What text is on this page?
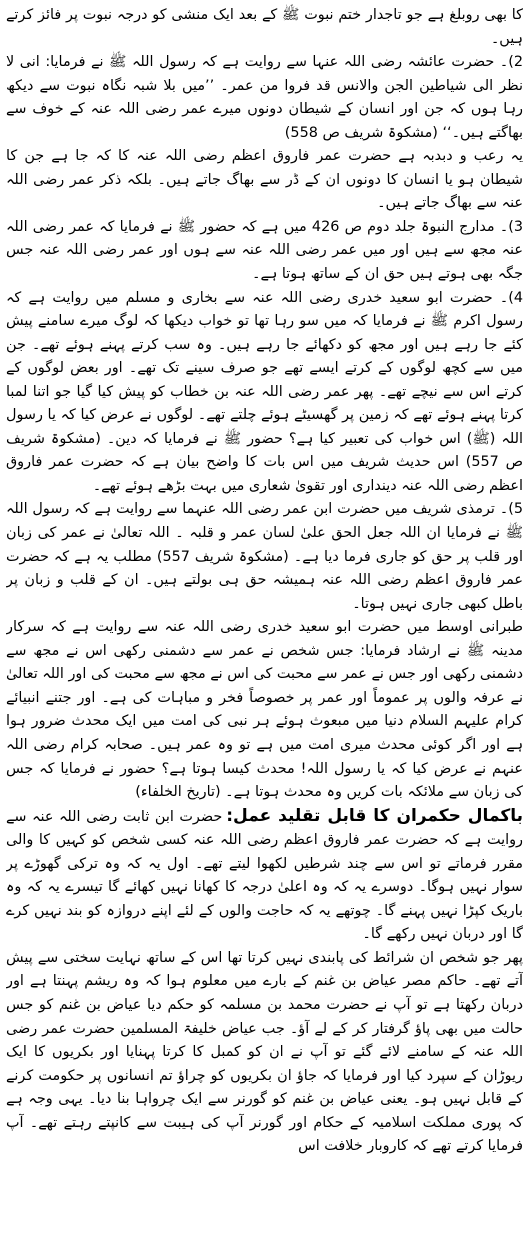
کا بھی روبلغ ہے جو تاجدار ختم نبوت ﷺ کے بعد ایک منشی کو درجہ نبوت پر فائز کرتے ہیں۔

2)۔ حضرت عائشہ رضی اللہ عنہا سے روایت ہے کہ رسول اللہ ﷺ نے فرمایا: انی لا نظر الی شیاطین الجن والانس قد فروا من عمر۔ ’’میں بلا شبہ نگاہ نبوت سے دیکھ رہا ہوں کہ جن اور انسان کے شیطان دونوں میرے عمر رضی اللہ عنہ کے خوف سے بھاگتے ہیں۔‘‘ (مشکوۃ شریف ص 558)

یہ رعب و دبدبہ ہے حضرت عمر فاروق اعظم رضی اللہ عنہ کا کہ جا ہے جن کا شیطان ہو یا انسان کا دونوں ان کے ڈر سے بھاگ جاتے ہیں۔ بلکہ ذکر عمر رضی اللہ عنہ سے بھاگ جاتے ہیں۔

3)۔ مدارج النبوۃ جلد دوم ص 426 میں ہے کہ حضور ﷺ نے فرمایا کہ عمر رضی اللہ عنہ مجھ سے ہیں اور میں عمر رضی اللہ عنہ سے ہوں اور عمر رضی اللہ عنہ جس جگہ بھی ہوتے ہیں حق ان کے ساتھ ہوتا ہے۔

4)۔ حضرت ابو سعید خدری رضی اللہ عنہ سے بخاری و مسلم میں روایت ہے کہ رسول اکرم ﷺ نے فرمایا کہ میں سو رہا تھا تو خواب دیکھا کہ لوگ میرے سامنے پیش کئے جا رہے ہیں اور مجھ کو دکھائے جا رہے ہیں۔ وہ سب کرتے پہنے ہوئے تھے۔ جن میں سے کچھ لوگوں کے کرتے ایسے تھے جو صرف سینے تک تھے۔ اور بعض لوگوں کے کرتے اس سے نیچے تھے۔ پھر عمر رضی اللہ عنہ بن خطاب کو پیش کیا گیا جو اتنا لمبا کرتا پہنے ہوئے تھے کہ زمین پر گھسیٹے ہوئے چلتے تھے۔ لوگوں نے عرض کیا کہ یا رسول اللہ (ﷺ) اس خواب کی تعبیر کیا ہے؟ حضور ﷺ نے فرمایا کہ دین۔ (مشکوۃ شریف ص 557) اس حدیث شریف میں اس بات کا واضح بیان ہے کہ حضرت عمر فاروق اعظم رضی اللہ عنہ دینداری اور تقویٰ شعاری میں بہت بڑھے ہوئے تھے۔

5)۔ ترمذی شریف میں حضرت ابن عمر رضی اللہ عنہما سے روایت ہے کہ رسول اللہ ﷺ نے فرمایا ان اللہ جعل الحق علیٰ لسان عمر و قلبہ ۔ اللہ تعالیٰ نے عمر کی زبان اور قلب پر حق کو جاری فرما دیا ہے۔ (مشکوۃ شریف 557) مطلب یہ ہے کہ حضرت عمر فاروق اعظم رضی اللہ عنہ ہمیشہ حق ہی بولتے ہیں۔ ان کے قلب و زبان پر باطل کبھی جاری نہیں ہوتا۔

طبرانی اوسط میں حضرت ابو سعید خدری رضی اللہ عنہ سے روایت ہے کہ سرکار مدینہ ﷺ نے ارشاد فرمایا: جس شخص نے عمر سے دشمنی رکھی اس نے مجھ سے دشمنی رکھی اور جس نے عمر سے محبت کی اس نے مجھ سے محبت کی اور اللہ تعالیٰ نے عرفہ والوں پر عموماً اور عمر پر خصوصاً فخر و مباہات کی ہے۔ اور جتنے انبیائے کرام علیہم السلام دنیا میں مبعوث ہوئے ہر نبی کی امت میں ایک محدث ضرور ہوا ہے اور اگر کوئی محدث میری امت میں ہے تو وہ عمر ہیں۔ صحابہ کرام رضی اللہ عنہم نے عرض کیا کہ یا رسول اللہ! محدث کیسا ہوتا ہے؟ حضور نے فرمایا کہ جس کی زبان سے ملائکہ بات کریں وہ محدث ہوتا ہے۔ (تاریخ الخلفاء)

باکمال حکمران کا قابل تقلید عمل:حضرت ابن ثابت رضی اللہ عنہ سے روایت ہے کہ حضرت عمر فاروق اعظم رضی اللہ عنہ کسی شخص کو کہیں کا والی مقرر فرماتے تو اس سے چند شرطیں لکھوا لیتے تھے۔ اول یہ کہ وہ ترکی گھوڑے پر سوار نہیں ہوگا۔ دوسرے یہ کہ وہ اعلیٰ درجہ کا کھانا نہیں کھائے گا تیسرے یہ کہ وہ باریک کپڑا نہیں پہنے گا۔ چوتھے یہ کہ حاجت والوں کے لئے اپنے دروازہ کو بند نہیں کرے گا اور دربان نہیں رکھے گا۔

پھر جو شخص ان شرائط کی پابندی نہیں کرتا تھا اس کے ساتھ نہایت سختی سے پیش آتے تھے۔ حاکم مصر عیاض بن غنم کے بارے میں معلوم ہوا کہ وہ ریشم پہنتا ہے اور دربان رکھتا ہے تو آپ نے حضرت محمد بن مسلمہ کو حکم دیا عیاض بن غنم کو جس حالت میں بھی پاؤ گرفتار کر کے لے آؤ۔ جب عیاض خلیفۃ المسلمین حضرت عمر رضی اللہ عنہ کے سامنے لائے گئے تو آپ نے ان کو کمبل کا کرتا پہنایا اور بکریوں کا ایک ریوڑان کے سپرد کیا اور فرمایا کہ جاؤ ان بکریوں کو چراؤ تم انسانوں پر حکومت کرنے کے قابل نہیں ہو۔ یعنی عیاض بن غنم کو گورنر سے ایک چرواہا بنا دیا۔ یہی وجہ ہے کہ پوری مملکت اسلامیہ کے حکام اور گورنر آپ کی ہیبت سے کانپتے رہتے تھے۔ آپ فرمایا کرتے تھے کہ کاروبار خلافت اس
